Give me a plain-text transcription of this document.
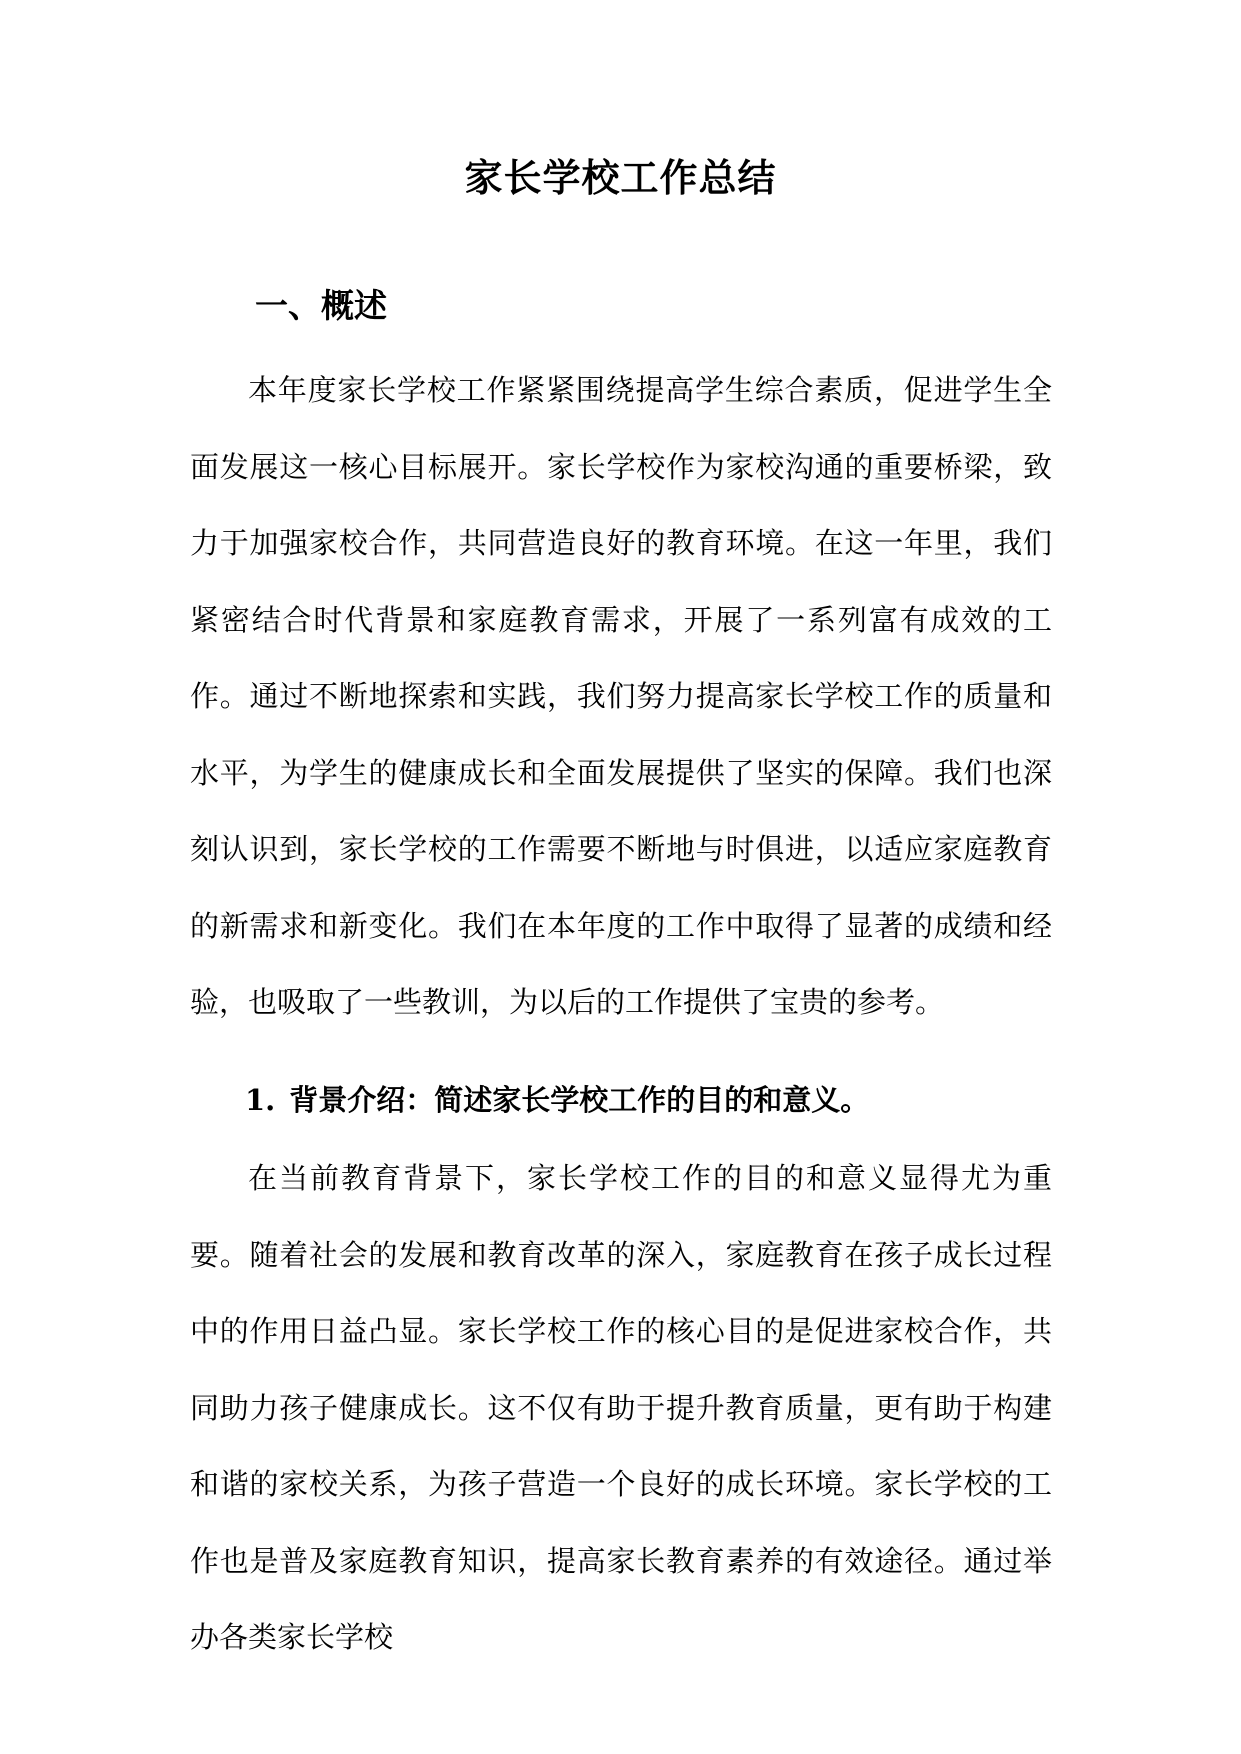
家长学校工作总结
一、概述

本年度家长学校工作紧紧围绕提高学生综合素质，促进学生全面发展这一核心目标展开。家长学校作为家校沟通的重要桥梁，致力于加强家校合作，共同营造良好的教育环境。在这一年里，我们紧密结合时代背景和家庭教育需求，开展了一系列富有成效的工作。通过不断地探索和实践，我们努力提高家长学校工作的质量和水平，为学生的健康成长和全面发展提供了坚实的保障。我们也深刻认识到，家长学校的工作需要不断地与时俱进，以适应家庭教育的新需求和新变化。我们在本年度的工作中取得了显著的成绩和经验，也吸取了一些教训，为以后的工作提供了宝贵的参考。

1. 背景介绍：简述家长学校工作的目的和意义。

在当前教育背景下，家长学校工作的目的和意义显得尤为重要。随着社会的发展和教育改革的深入，家庭教育在孩子成长过程中的作用日益凸显。家长学校工作的核心目的是促进家校合作，共同助力孩子健康成长。这不仅有助于提升教育质量，更有助于构建和谐的家校关系，为孩子营造一个良好的成长环境。家长学校的工作也是普及家庭教育知识，提高家长教育素养的有效途径。通过举办各类家长学校
